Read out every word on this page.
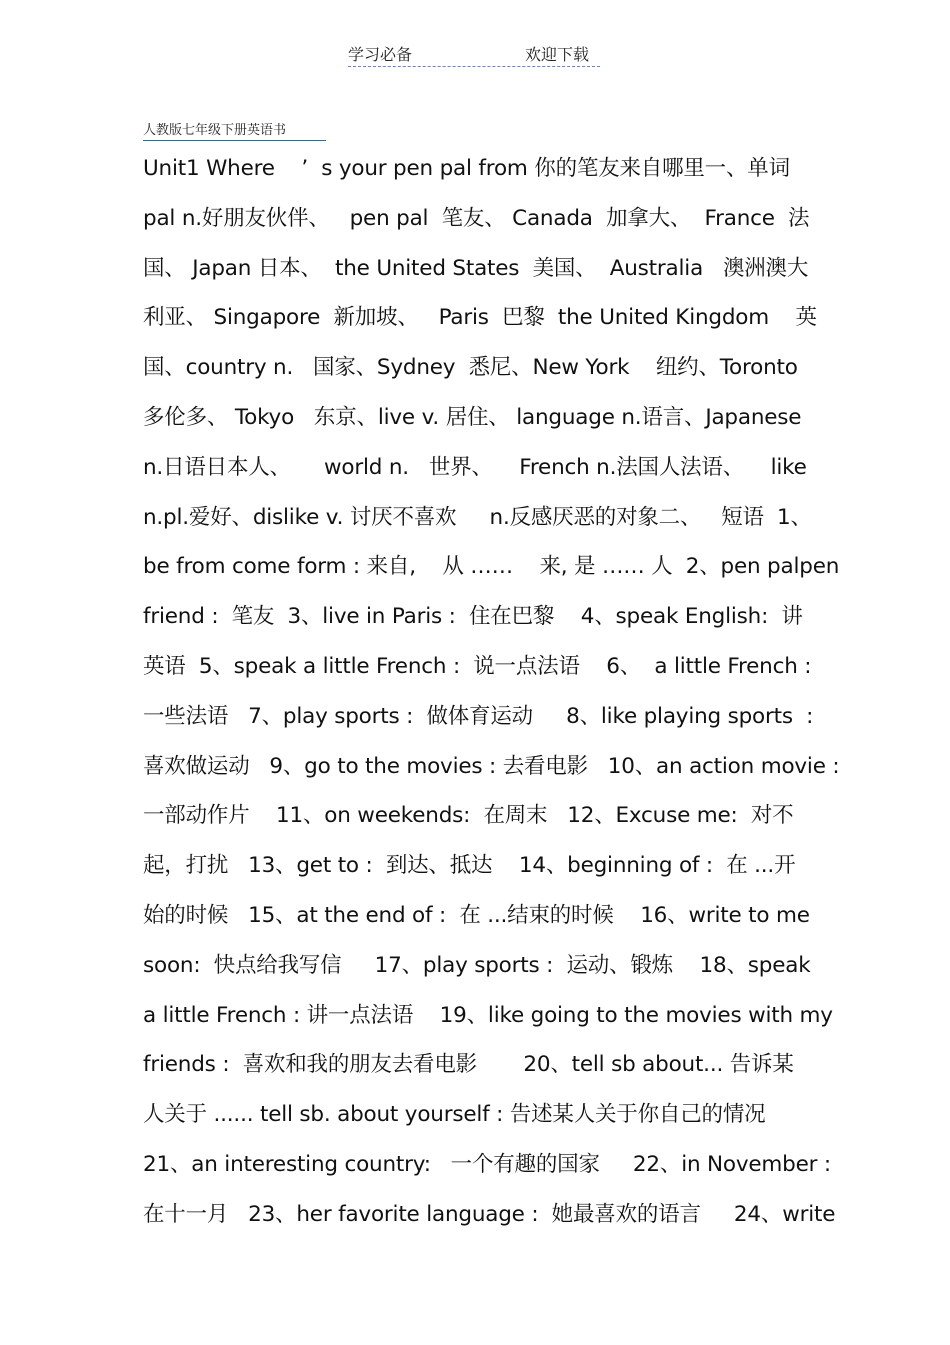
学习必备	欢迎下载
人教版七年级下册英语书
Unit1 Where    ’  s your pen pal from 你的笔友来自哪里一、单词
pal n.好朋友伙伴、   pen pal  笔友、 Canada  加拿大、  France  法
国、 Japan 日本、  the United States  美国、  Australia   澳洲澳大
利亚、 Singapore  新加坡、   Paris  巴黎  the United Kingdom    英
国、country n.   国家、Sydney  悉尼、New York    纽约、Toronto
多伦多、 Tokyo   东京、live v. 居住、 language n.语言、Japanese
n.日语日本人、     world n.   世界、    French n.法国人法语、    like
n.pl.爱好、dislike v. 讨厌不喜欢     n.反感厌恶的对象二、   短语  1、
be from come form : 来自,    从 ……    来, 是 …… 人  2、pen palpen
friend :  笔友  3、live in Paris :  住在巴黎    4、speak English:  讲
英语  5、speak a little French :  说一点法语    6、  a little French :
一些法语   7、play sports :  做体育运动     8、like playing sports  :
喜欢做运动   9、go to the movies : 去看电影   10、an action movie :
一部动作片    11、on weekends:  在周末   12、Excuse me:  对不
起，打扰   13、get to :  到达、抵达    14、beginning of :  在 ...开
始的时候   15、at the end of :  在 ...结束的时候    16、write to me
soon:  快点给我写信     17、play sports :  运动、锻炼    18、speak
a little French : 讲一点法语    19、like going to the movies with my
friends :  喜欢和我的朋友去看电影       20、tell sb about... 告诉某
人关于 ...... tell sb. about yourself : 告述某人关于你自己的情况
21、an interesting country:   一个有趣的国家     22、in November :
在十一月   23、her favorite language :  她最喜欢的语言     24、write
